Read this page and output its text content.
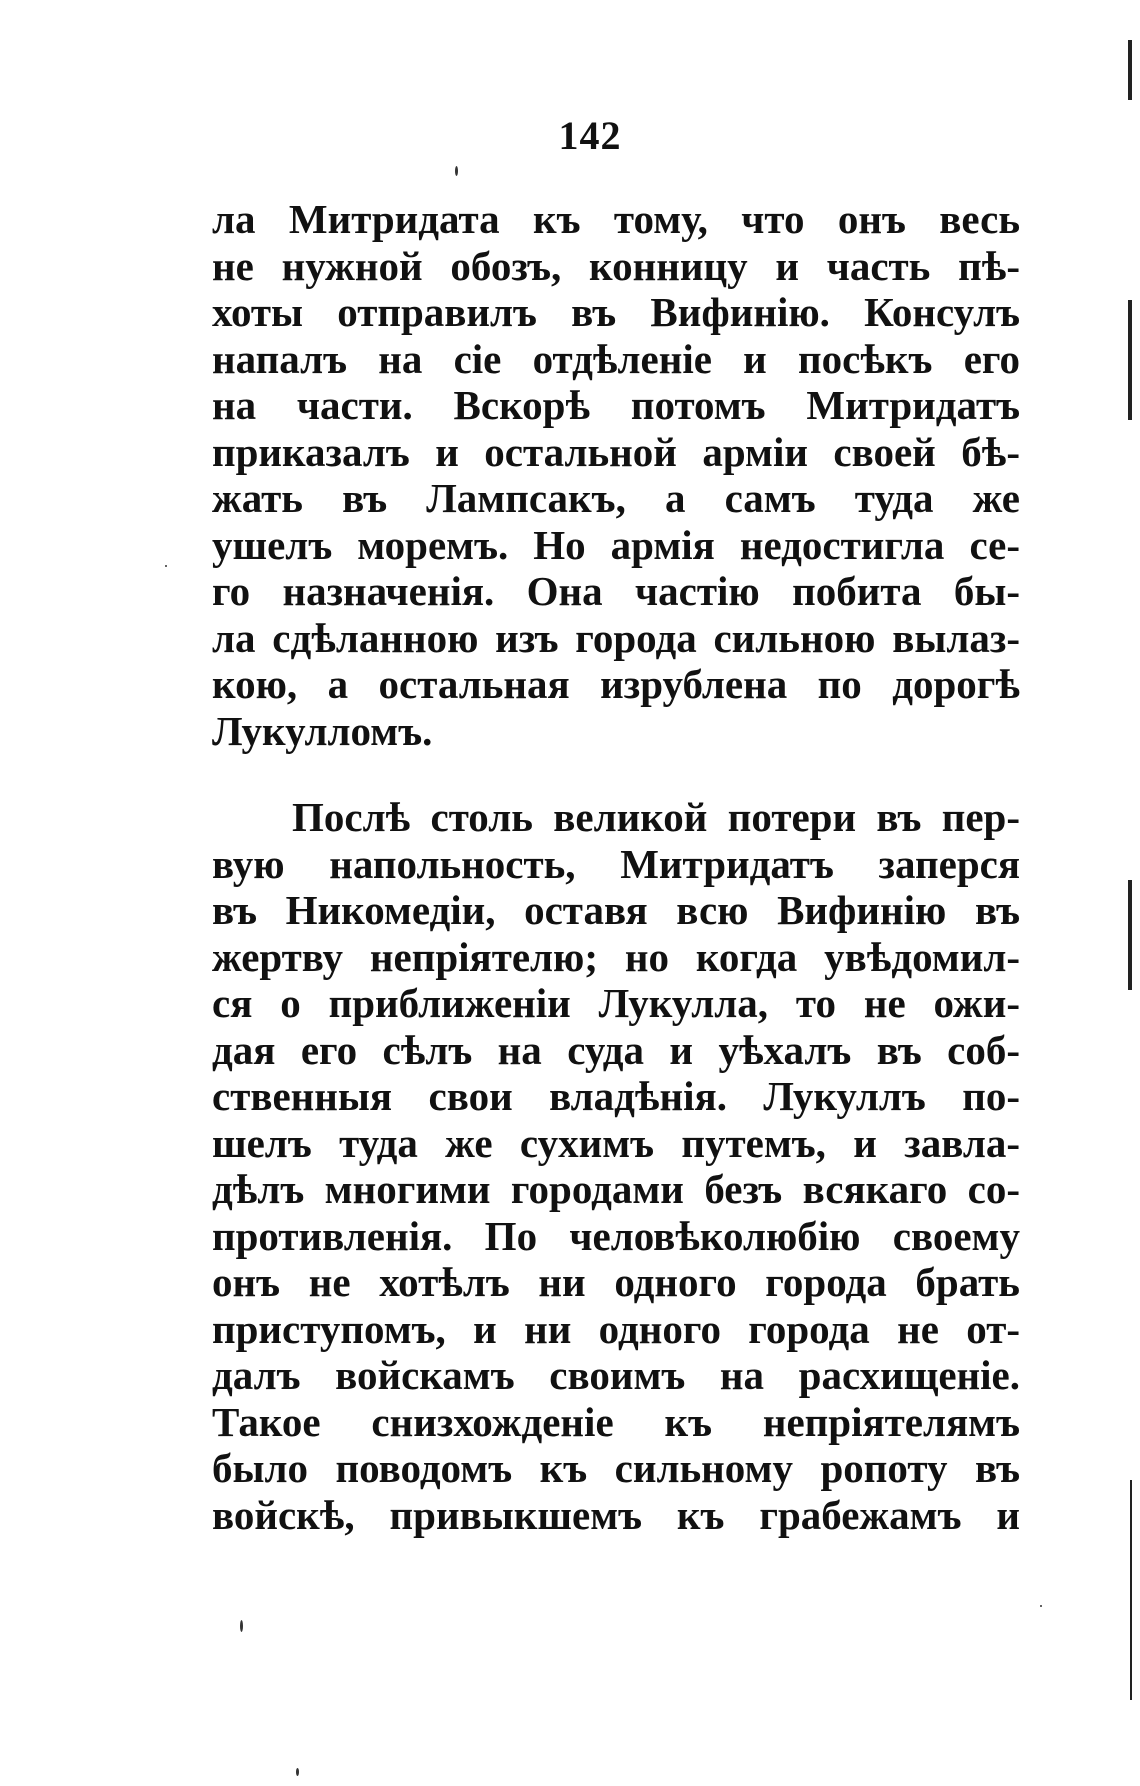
142
ла Митридата къ тому, что онъ весь
не нужной обозъ, конницу и часть пѣ-
хоты отправилъ въ Вифинію. Консулъ
напалъ на сіе отдѣленіе и посѣкъ его
на части. Вскорѣ потомъ Митридатъ
приказалъ и остальной арміи своей бѣ-
жать въ Лампсакъ, а самъ туда же
ушелъ моремъ. Но армія недостигла се-
го назначенія. Она частію побита бы-
ла сдѣланною изъ города сильною вылаз-
кою, а остальная изрублена по дорогѣ
Лукулломъ.
Послѣ столь великой потери въ пер-
вую напольность, Митридатъ заперся
въ Никомедіи, оставя всю Вифинію въ
жертву непріятелю; но когда увѣдомил-
ся о приближеніи Лукулла, то не ожи-
дая его сѣлъ на суда и уѣхалъ въ соб-
ственныя свои владѣнія. Лукуллъ по-
шелъ туда же сухимъ путемъ, и завла-
дѣлъ многими городами безъ всякаго со-
противленія. По человѣколюбію своему
онъ не хотѣлъ ни одного города брать
приступомъ, и ни одного города не от-
далъ войскамъ своимъ на расхищеніе.
Такое снизхожденіе къ непріятелямъ
было поводомъ къ сильному ропоту въ
войскѣ, привыкшемъ къ грабежамъ и
